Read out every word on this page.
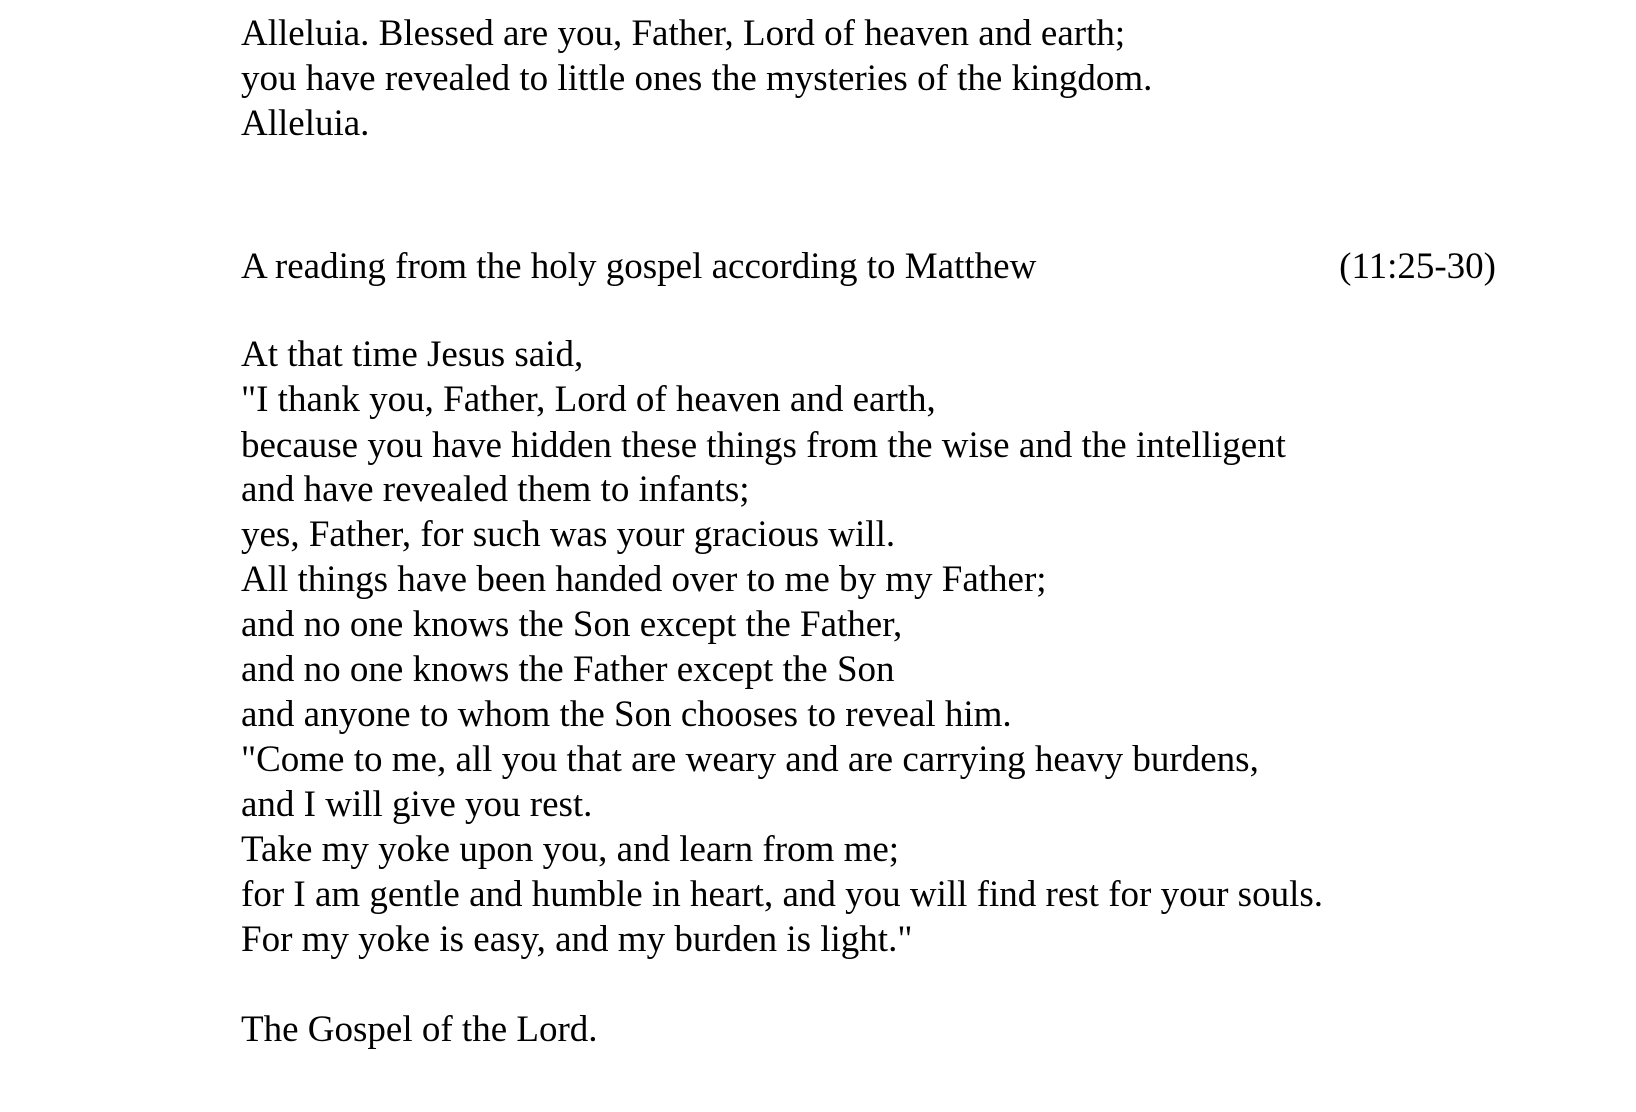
Alleluia. Blessed are you, Father, Lord of heaven and earth;
you have revealed to little ones the mysteries of the kingdom.
Alleluia.
A reading from the holy gospel according to Matthew	(11:25-30)
At that time Jesus said,
"I thank you, Father, Lord of heaven and earth,
because you have hidden these things from the wise and the intelligent
and have revealed them to infants;
yes, Father, for such was your gracious will.
All things have been handed over to me by my Father;
and no one knows the Son except the Father,
and no one knows the Father except the Son
and anyone to whom the Son chooses to reveal him.
"Come to me, all you that are weary and are carrying heavy burdens,
and I will give you rest.
Take my yoke upon you, and learn from me;
for I am gentle and humble in heart, and you will find rest for your souls.
For my yoke is easy, and my burden is light."
The Gospel of the Lord.
